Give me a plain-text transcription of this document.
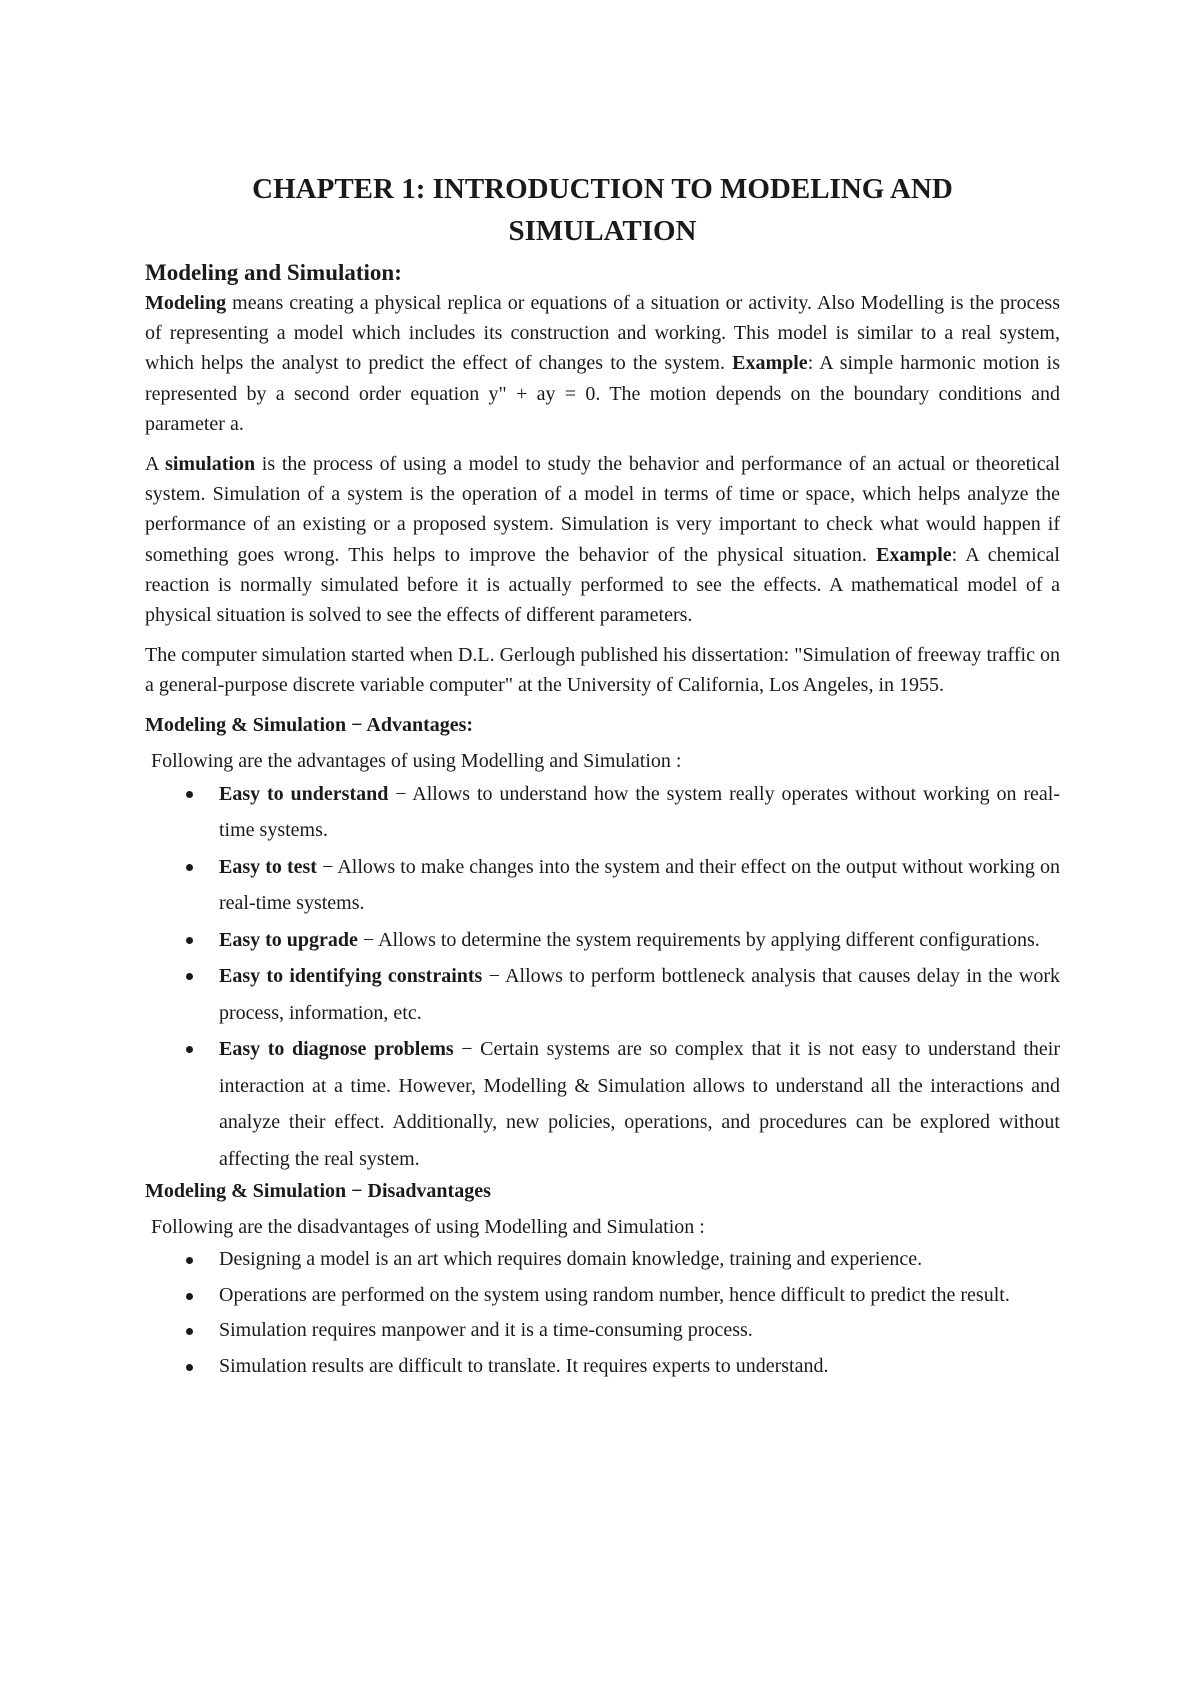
CHAPTER 1: INTRODUCTION TO MODELING AND
SIMULATION
Modeling and Simulation:

Modeling means creating a physical replica or equations of a situation or activity. Also Modelling is the process of representing a model which includes its construction and working. This model is similar to a real system, which helps the analyst to predict the effect of changes to the system. Example: A simple harmonic motion is represented by a second order equation y" + ay = 0. The motion depends on the boundary conditions and parameter a.

A simulation is the process of using a model to study the behavior and performance of an actual or theoretical system. Simulation of a system is the operation of a model in terms of time or space, which helps analyze the performance of an existing or a proposed system. Simulation is very important to check what would happen if something goes wrong. This helps to improve the behavior of the physical situation. Example: A chemical reaction is normally simulated before it is actually performed to see the effects. A mathematical model of a physical situation is solved to see the effects of different parameters.

The computer simulation started when D.L. Gerlough published his dissertation: "Simulation of freeway traffic on a general-purpose discrete variable computer" at the University of California, Los Angeles, in 1955.

Modeling & Simulation − Advantages:

Following are the advantages of using Modelling and Simulation :

Easy to understand − Allows to understand how the system really operates without working on real-time systems.
Easy to test − Allows to make changes into the system and their effect on the output without working on real-time systems.
Easy to upgrade − Allows to determine the system requirements by applying different configurations.
Easy to identifying constraints − Allows to perform bottleneck analysis that causes delay in the work process, information, etc.
Easy to diagnose problems − Certain systems are so complex that it is not easy to understand their interaction at a time. However, Modelling & Simulation allows to understand all the interactions and analyze their effect. Additionally, new policies, operations, and procedures can be explored without affecting the real system.
Modeling & Simulation − Disadvantages

Following are the disadvantages of using Modelling and Simulation :

Designing a model is an art which requires domain knowledge, training and experience.
Operations are performed on the system using random number, hence difficult to predict the result.
Simulation requires manpower and it is a time-consuming process.
Simulation results are difficult to translate. It requires experts to understand.
